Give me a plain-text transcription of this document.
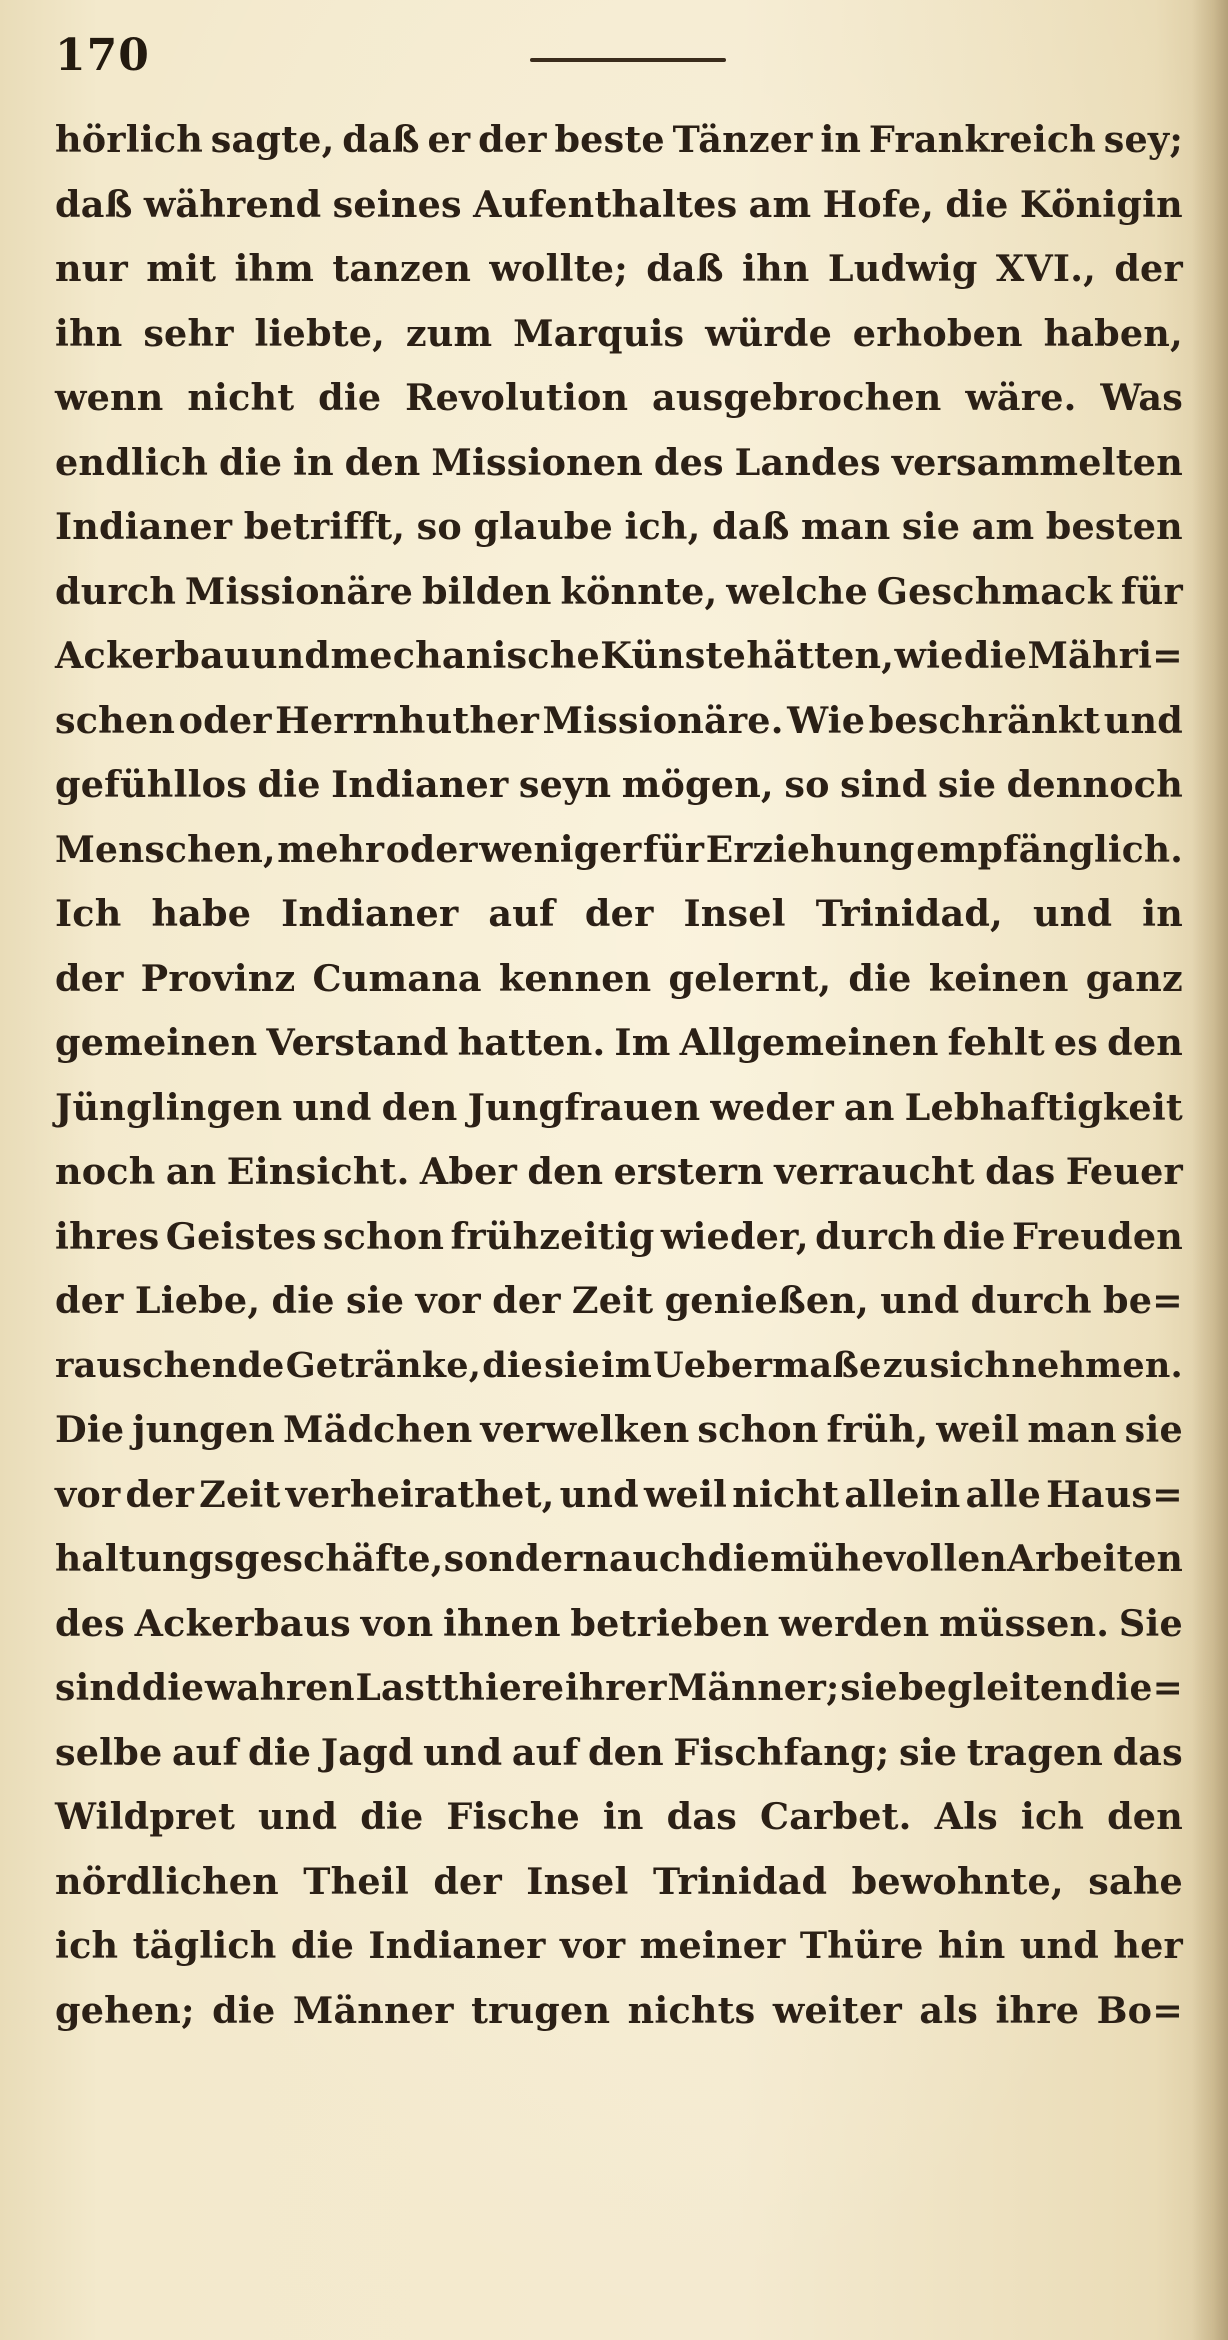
170
hörlich sagte, daß er der beste Tänzer in Frankreich sey;
daß während seines Aufenthaltes am Hofe, die Königin
nur mit ihm tanzen wollte; daß ihn Ludwig XVI., der
ihn sehr liebte, zum Marquis würde erhoben haben,
wenn nicht die Revolution ausgebrochen wäre. Was
endlich die in den Missionen des Landes versammelten
Indianer betrifft, so glaube ich, daß man sie am besten
durch Missionäre bilden könnte, welche Geschmack für
Ackerbau und mechanische Künste hätten, wie die Mähri=
schen oder Herrnhuther Missionäre. Wie beschränkt und
gefühllos die Indianer seyn mögen, so sind sie dennoch
Menschen, mehr oder weniger für Erziehung empfänglich.
Ich habe Indianer auf der Insel Trinidad, und in
der Provinz Cumana kennen gelernt, die keinen ganz
gemeinen Verstand hatten. Im Allgemeinen fehlt es den
Jünglingen und den Jungfrauen weder an Lebhaftigkeit
noch an Einsicht. Aber den erstern verraucht das Feuer
ihres Geistes schon frühzeitig wieder, durch die Freuden
der Liebe, die sie vor der Zeit genießen, und durch be=
rauschende Getränke, die sie im Uebermaße zu sich nehmen.
Die jungen Mädchen verwelken schon früh, weil man sie
vor der Zeit verheirathet, und weil nicht allein alle Haus=
haltungsgeschäfte, sondern auch die mühevollen Arbeiten
des Ackerbaus von ihnen betrieben werden müssen. Sie
sind die wahren Lastthiere ihrer Männer; sie begleiten die=
selbe auf die Jagd und auf den Fischfang; sie tragen das
Wildpret und die Fische in das Carbet. Als ich den
nördlichen Theil der Insel Trinidad bewohnte, sahe
ich täglich die Indianer vor meiner Thüre hin und her
gehen; die Männer trugen nichts weiter als ihre Bo=
